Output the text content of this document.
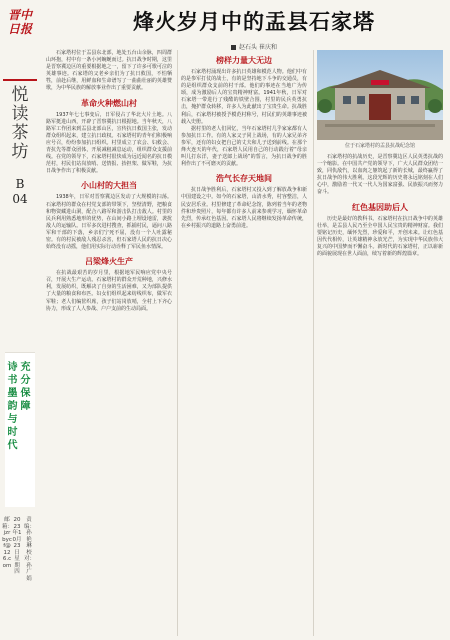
晋中日报
悦读茶坊
B
04
充分保障
诗书墨韵与时代
责编：孙艳琳 校对：孙广娟
2023年10月23日 星期四
邮箱：jzrbycf@126.com
烽火岁月中的盂县石家塔
赵石头 崔庆和

石家塔村位于盂县东北部，地处五台山余脉，四周群山环抱，村中有一条小河蜿蜒而过。抗日战争时期，这里是晋察冀边区的重要根据地之一，留下了许多可歌可泣的英雄事迹。石家塔的父老乡亲们为了抗日救国，不怕牺牲，前赴后继，用鲜血和生命谱写了一曲曲壮丽的英雄赞歌，为中华民族的解放事业作出了重要贡献。

革命火种燃山村

1937年七七事变后，日军侵占了华北大片土地。八路军挺进山西，开辟了晋察冀抗日根据地。当年秋天，八路军工作团来到盂县北部山区，宣传抗日救国主张，发动群众组织起来，建立抗日政权。石家塔村的青年们积极响应号召，纷纷参加抗日组织。村里成立了农会、妇救会、青抗先等群众团体，开展减租减息运动，组织群众支援前线。在党的领导下，石家塔村很快成为远近闻名的抗日模范村，村民们站岗放哨、送情报、抬担架、做军鞋，为抗日战争作出了积极贡献。

小山村的大担当

1938年，日军对晋察冀边区发动了大规模的扫荡。石家塔村的群众在村党支部的带领下，坚壁清野，把粮食和物资藏进山洞，配合八路军和游击队打击敌人。村里的民兵利用熟悉地形的优势，在山间小路上埋设地雷，袭扰敌人的运输队。日军多次进村搜查，抓捕村民，逼问八路军和干部的下落，乡亲们宁死不屈，没有一个人吐露秘密。有的村民被敌人残忍杀害，但石家塔人民的抗日决心始终没有动摇，他们用实际行动诠释了军民鱼水情深。

吕梁烽火生产

在抗战最艰苦的岁月里，根据地军民响应党中央号召，开展大生产运动。石家塔村的群众开荒种地，兴修水利，发展纺织，既解决了自身的生活困难，又为部队提供了大量的粮食和布匹。妇女们组织起来纺线织布，做军衣军鞋；老人们编筐织席，孩子们站岗放哨，全村上下齐心协力，形成了人人参战、户户支前的生动局面。

榜样力量大无边

石家塔村涌现出许多抗日英雄和模范人物。他们中有的是参军打仗的战士，有的是坚持地下斗争的交通员，有的是组织群众支前的村干部。他们的事迹在当地广为传颂，成为激励后人的宝贵精神财富。1941年秋，日军对石家塔一带进行了残酷的铁壁合围，村里的民兵英勇抗击，掩护群众转移，许多人为此献出了宝贵生命。抗战胜利后，石家塔村被授予模范村称号，村民们的英雄事迹被载入史册。

据村里的老人们回忆，当年石家塔村几乎家家都有人参加抗日工作。有的人家父子同上战场，有的人家兄弟齐参军，还有的妇女把自己的丈夫和儿子送到前线。在那个烽火连天的年代，石家塔人民用自己的行动践行着“母亲叫儿打东洋，妻子送郎上战场”的誓言，为抗日战争的胜利作出了不可磨灭的贡献。

浩气长存天地间

抗日战争胜利后，石家塔村又投入到了解放战争和新中国建设之中。如今的石家塔，山清水秀，村容整洁，人民安居乐业。村里修建了革命纪念馆，陈列着当年的老物件和珍贵照片，每年都有许多人前来参观学习，缅怀革命先烈，传承红色基因。石家塔人民将继续发扬革命传统，在乡村振兴的道路上奋勇前进。

位于石家塔村的盂县抗战纪念馆

石家塔村的抗战历史，是晋察冀边区人民英勇抗战的一个缩影。在中国共产党的领导下，广大人民群众团结一致，同仇敌忾，以血肉之躯筑起了新的长城，最终赢得了抗日战争的伟大胜利。这段光辉的历史将永远铭刻在人们心中，激励着一代又一代人为国家富强、民族振兴而努力奋斗。

红色基因助后人

历史是最好的教科书。石家塔村在抗日战争中的英雄壮举，是盂县人民乃至全中国人民宝贵的精神财富。我们要铭记历史，缅怀先烈，珍爱和平，开创未来。让红色基因代代相传，让英雄精神永放光芒，为实现中华民族伟大复兴的中国梦而不懈奋斗。新时代的石家塔村，正以崭新的面貌展现在世人面前，续写着新的辉煌篇章。
